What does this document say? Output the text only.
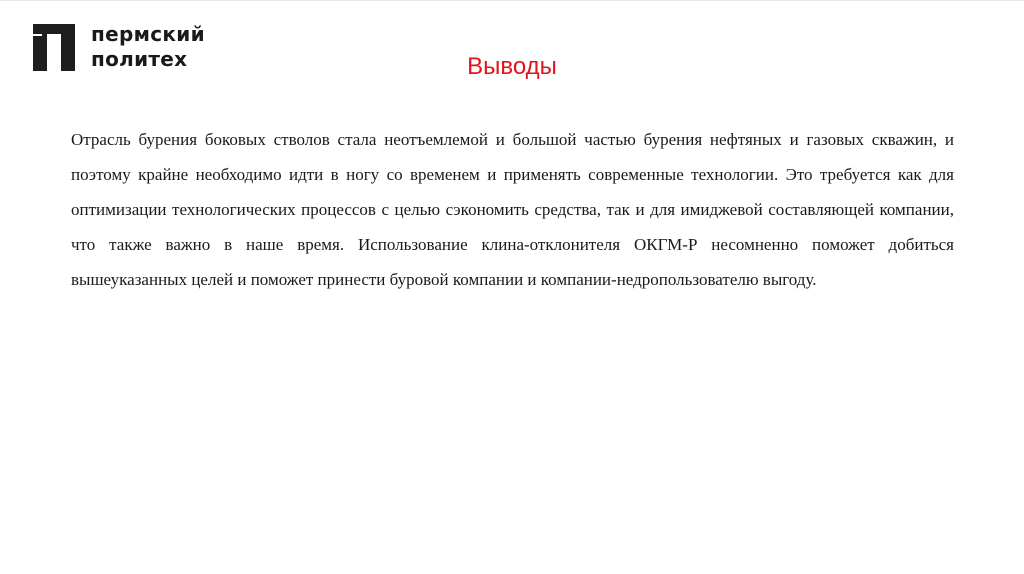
пермский
политех	Выводы

Отрасль бурения боковых стволов стала неотъемлемой и большой частью бурения нефтяных и газовых скважин, и поэтому крайне необходимо идти в ногу со временем и применять современные технологии. Это требуется как для оптимизации технологических процессов с целью сэкономить средства, так и для имиджевой составляющей компании, что также важно в наше время. Использование клина-отклонителя ОКГМ-Р несомненно поможет добиться вышеуказанных целей и поможет принести буровой компании и компании-недропользователю выгоду.
